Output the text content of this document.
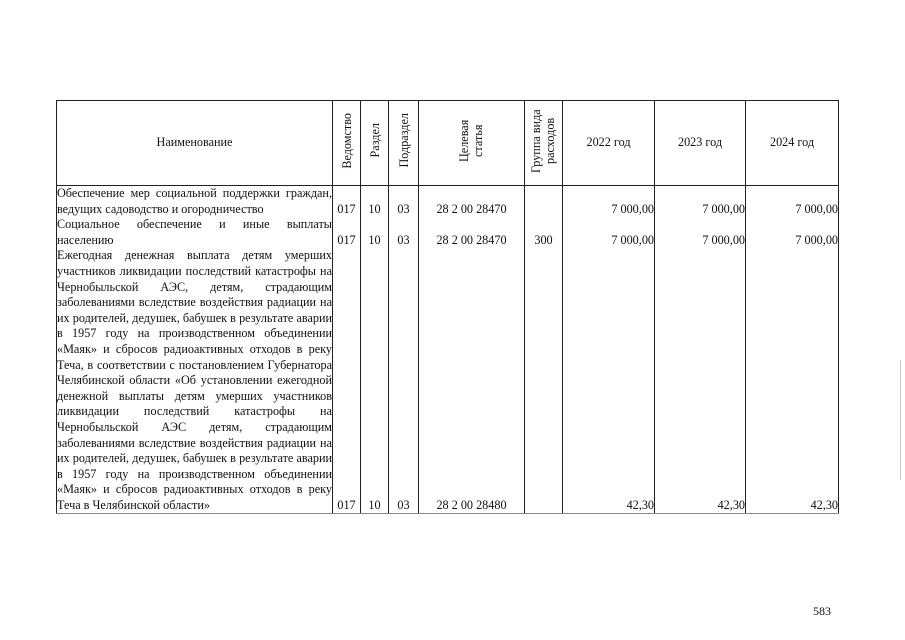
Наименование	Ведомство	Раздел	Подраздел	Целевая статья	Группа вида расходов	2022 год	2023 год	2024 год
Обеспечение мер социальной поддержки граждан, ведущих садоводство и огородничество	017	10	03	28 2 00 28470		7 000,00	7 000,00	7 000,00
Социальное обеспечение и иные выплаты населению	017	10	03	28 2 00 28470	300	7 000,00	7 000,00	7 000,00
Ежегодная денежная выплата детям умерших участников ликвидации последствий катастрофы на Чернобыльской АЭС, детям, страдающим заболеваниями вследствие воздействия радиации на их родителей, дедушек, бабушек в результате аварии в 1957 году на производственном объединении «Маяк» и сбросов радиоактивных отходов в реку Теча, в соответствии с постановлением Губернатора Челябинской области «Об установлении ежегодной денежной выплаты детям умерших участников ликвидации последствий катастрофы на Чернобыльской АЭС детям, страдающим заболеваниями вследствие воздействия радиации на их родителей, дедушек, бабушек в результате аварии в 1957 году на производственном объединении «Маяк» и сбросов радиоактивных отходов в реку Теча в Челябинской области»	017	10	03	28 2 00 28480		42,30	42,30	42,30
583
